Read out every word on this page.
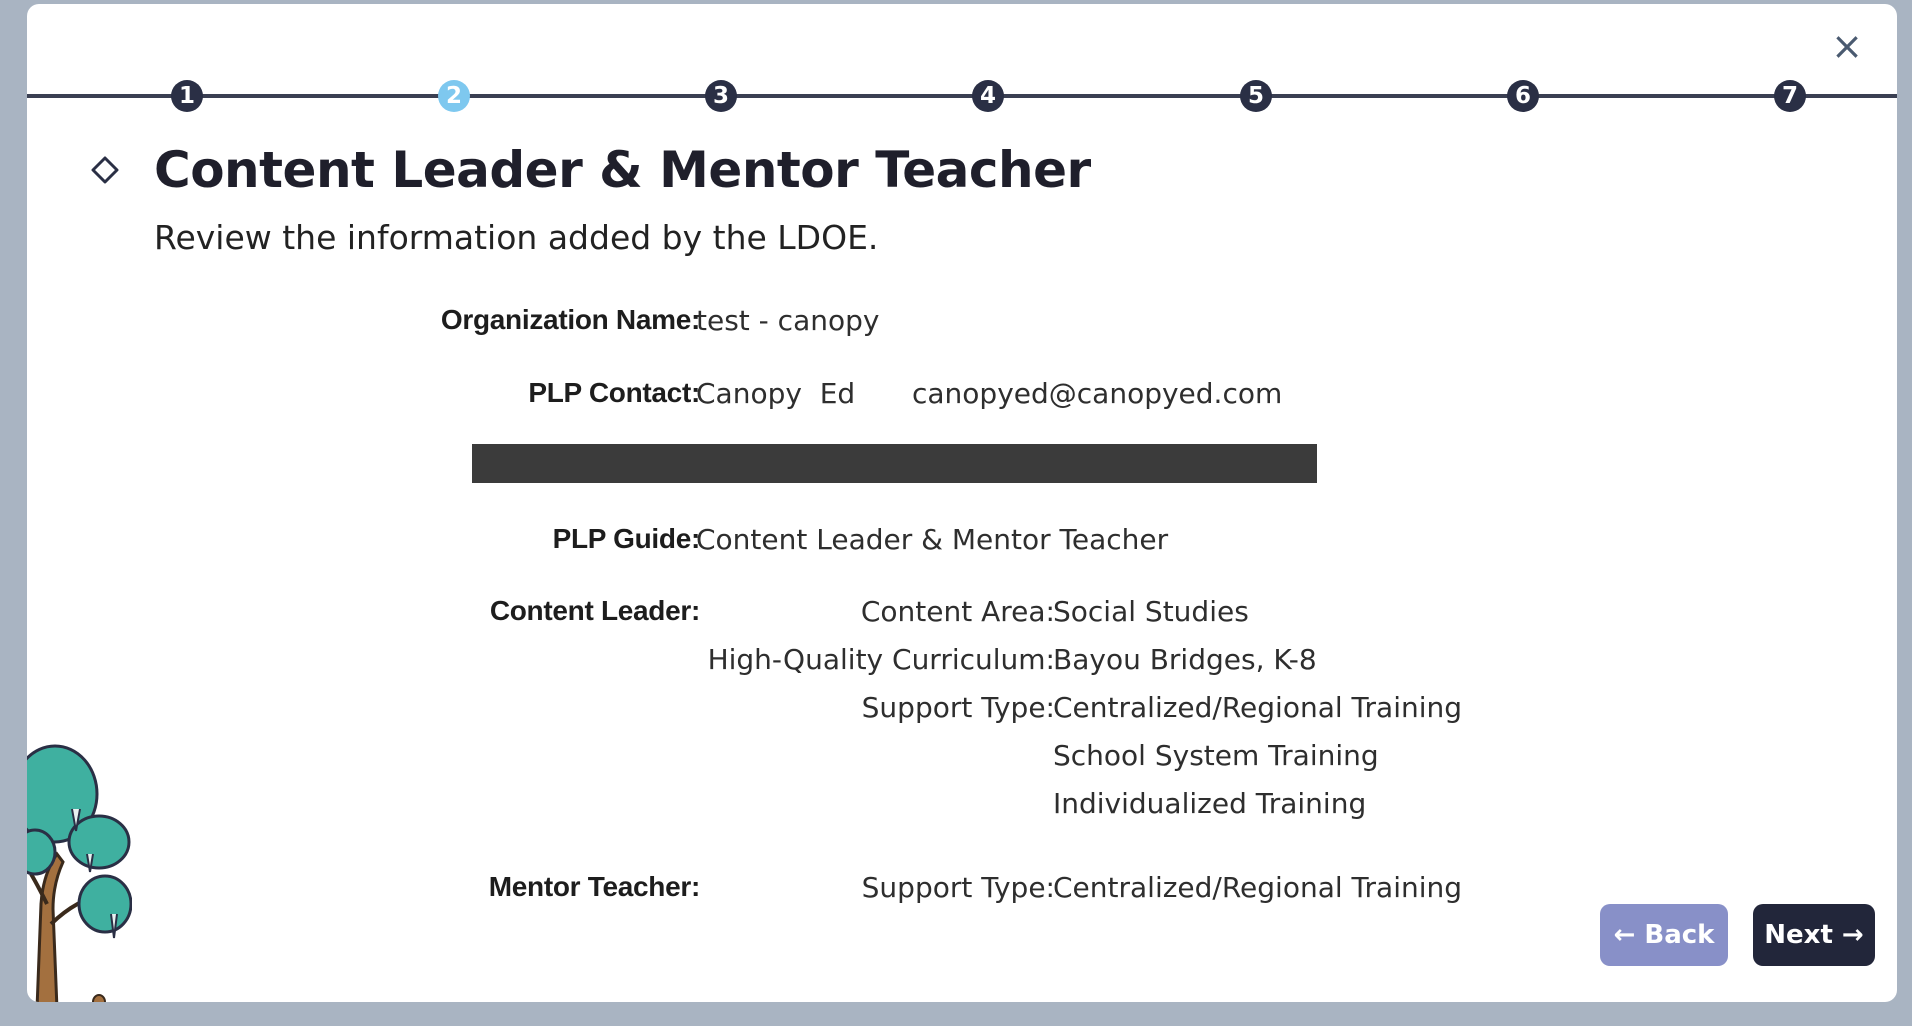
×
1	2	3	4	5	6	7
Content Leader & Mentor Teacher
Review the information added by the LDOE.
Organization Name:
test - canopy
PLP Contact:
Canopy  Ed canopyed@canopyed.com
PLP Guide:
Content Leader & Mentor Teacher
Content Leader:	Content Area:
Social Studies
High-Quality Curriculum:
Bayou Bridges, K-8
Support Type:
Centralized/Regional Training
School System Training
Individualized Training
Mentor Teacher:	Support Type:
Centralized/Regional Training
← Back	Next →
